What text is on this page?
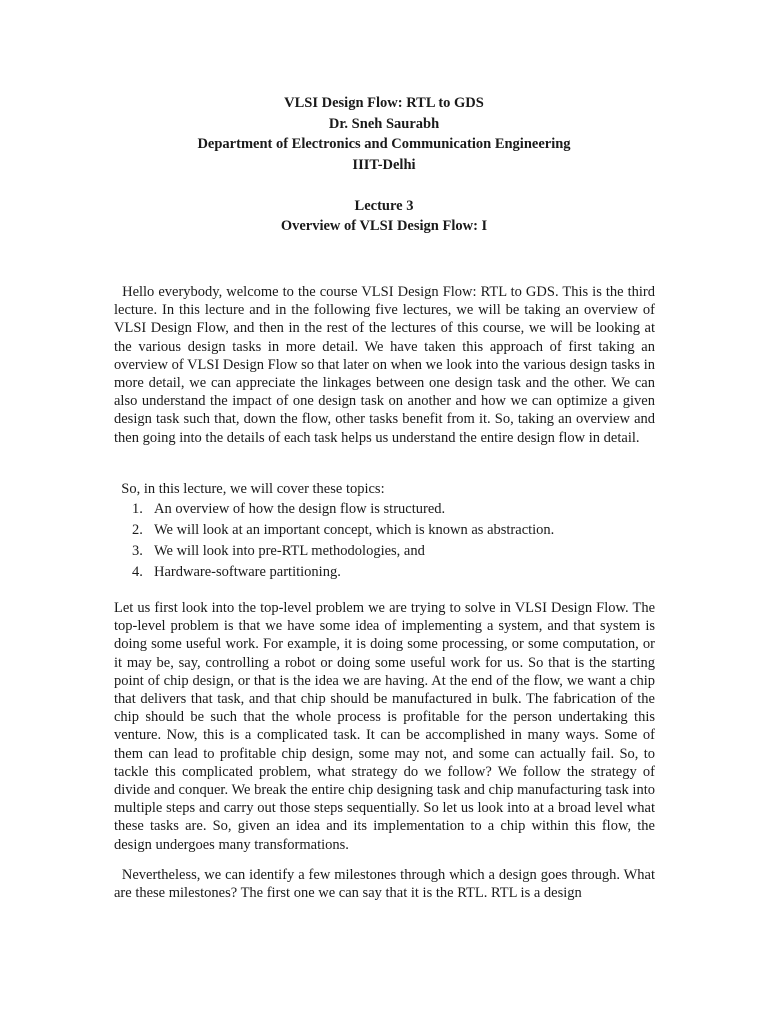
VLSI Design Flow: RTL to GDS
Dr. Sneh Saurabh
Department of Electronics and Communication Engineering
IIIT-Delhi
Lecture 3
Overview of VLSI Design Flow: I

Hello everybody, welcome to the course VLSI Design Flow: RTL to GDS. This is the third lecture. In this lecture and in the following five lectures, we will be taking an overview of VLSI Design Flow, and then in the rest of the lectures of this course, we will be looking at the various design tasks in more detail. We have taken this approach of first taking an overview of VLSI Design Flow so that later on when we look into the various design tasks in more detail, we can appreciate the linkages between one design task and the other. We can also understand the impact of one design task on another and how we can optimize a given design task such that, down the flow, other tasks benefit from it. So, taking an overview and then going into the details of each task helps us understand the entire design flow in detail.

So, in this lecture, we will cover these topics:

1. An overview of how the design flow is structured.
2. We will look at an important concept, which is known as abstraction.
3. We will look into pre-RTL methodologies, and
4. Hardware-software partitioning.

Let us first look into the top-level problem we are trying to solve in VLSI Design Flow. The top-level problem is that we have some idea of implementing a system, and that system is doing some useful work. For example, it is doing some processing, or some computation, or it may be, say, controlling a robot or doing some useful work for us. So that is the starting point of chip design, or that is the idea we are having. At the end of the flow, we want a chip that delivers that task, and that chip should be manufactured in bulk. The fabrication of the chip should be such that the whole process is profitable for the person undertaking this venture. Now, this is a complicated task. It can be accomplished in many ways. Some of them can lead to profitable chip design, some may not, and some can actually fail. So, to tackle this complicated problem, what strategy do we follow? We follow the strategy of divide and conquer. We break the entire chip designing task and chip manufacturing task into multiple steps and carry out those steps sequentially. So let us look into at a broad level what these tasks are. So, given an idea and its implementation to a chip within this flow, the design undergoes many transformations.

Nevertheless, we can identify a few milestones through which a design goes through. What are these milestones? The first one we can say that it is the RTL. RTL is a design
